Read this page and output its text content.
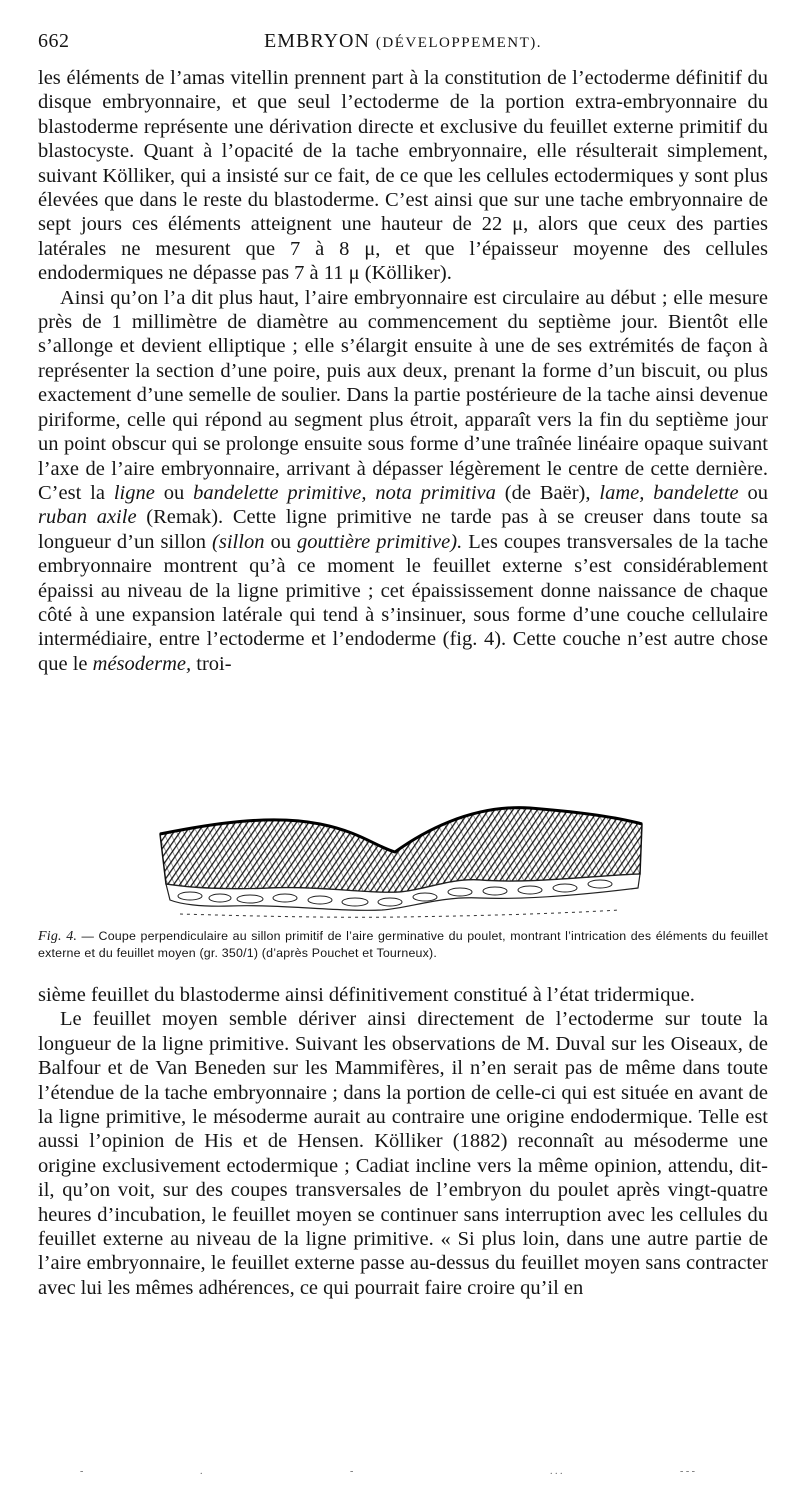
662	EMBRYON (DÉVELOPPEMENT).

les éléments de l’amas vitellin prennent part à la constitution de l’ectoderme définitif du disque embryonnaire, et que seul l’ectoderme de la portion extra-embryonnaire du blastoderme représente une dérivation directe et exclusive du feuillet externe primitif du blastocyste. Quant à l’opacité de la tache embryonnaire, elle résulterait simplement, suivant Kölliker, qui a insisté sur ce fait, de ce que les cellules ectodermiques y sont plus élevées que dans le reste du blastoderme. C’est ainsi que sur une tache embryonnaire de sept jours ces éléments atteignent une hauteur de 22 μ, alors que ceux des parties latérales ne mesurent que 7 à 8 μ, et que l’épaisseur moyenne des cellules endodermiques ne dépasse pas 7 à 11 μ (Kölliker).

Ainsi qu’on l’a dit plus haut, l’aire embryonnaire est circulaire au début ; elle mesure près de 1 millimètre de diamètre au commencement du septième jour. Bientôt elle s’allonge et devient elliptique ; elle s’élargit ensuite à une de ses extrémités de façon à représenter la section d’une poire, puis aux deux, prenant la forme d’un biscuit, ou plus exactement d’une semelle de soulier. Dans la partie postérieure de la tache ainsi devenue piriforme, celle qui répond au segment plus étroit, apparaît vers la fin du septième jour un point obscur qui se prolonge ensuite sous forme d’une traînée linéaire opaque suivant l’axe de l’aire embryonnaire, arrivant à dépasser légèrement le centre de cette dernière. C’est la ligne ou bandelette primitive, nota primitiva (de Baër), lame, bandelette ou ruban axile (Remak). Cette ligne primitive ne tarde pas à se creuser dans toute sa longueur d’un sillon (sillon ou gouttière primitive). Les coupes transversales de la tache embryonnaire montrent qu’à ce moment le feuillet externe s’est considérablement épaissi au niveau de la ligne primitive ; cet épaississement donne naissance de chaque côté à une expansion latérale qui tend à s’insinuer, sous forme d’une couche cellulaire intermédiaire, entre l’ectoderme et l’endoderme (fig. 4). Cette couche n’est autre chose que le mésoderme, troi-

Fig. 4. — Coupe perpendiculaire au sillon primitif de l’aire germinative du poulet, montrant l’intrication des éléments du feuillet externe et du feuillet moyen (gr. 350/1) (d’après Pouchet et Tourneux).

sième feuillet du blastoderme ainsi définitivement constitué à l’état tridermique.

Le feuillet moyen semble dériver ainsi directement de l’ectoderme sur toute la longueur de la ligne primitive. Suivant les observations de M. Duval sur les Oiseaux, de Balfour et de Van Beneden sur les Mammifères, il n’en serait pas de même dans toute l’étendue de la tache embryonnaire ; dans la portion de celle-ci qui est située en avant de la ligne primitive, le mésoderme aurait au contraire une origine endodermique. Telle est aussi l’opinion de His et de Hensen. Kölliker (1882) reconnaît au mésoderme une origine exclusivement ectodermique ; Cadiat incline vers la même opinion, attendu, dit-il, qu’on voit, sur des coupes transversales de l’embryon du poulet après vingt-quatre heures d’incubation, le feuillet moyen se continuer sans interruption avec les cellules du feuillet externe au niveau de la ligne primitive. « Si plus loin, dans une autre partie de l’aire embryonnaire, le feuillet externe passe au-dessus du feuillet moyen sans contracter avec lui les mêmes adhérences, ce qui pourrait faire croire qu’il en

-	.	-	. . .	- - -
